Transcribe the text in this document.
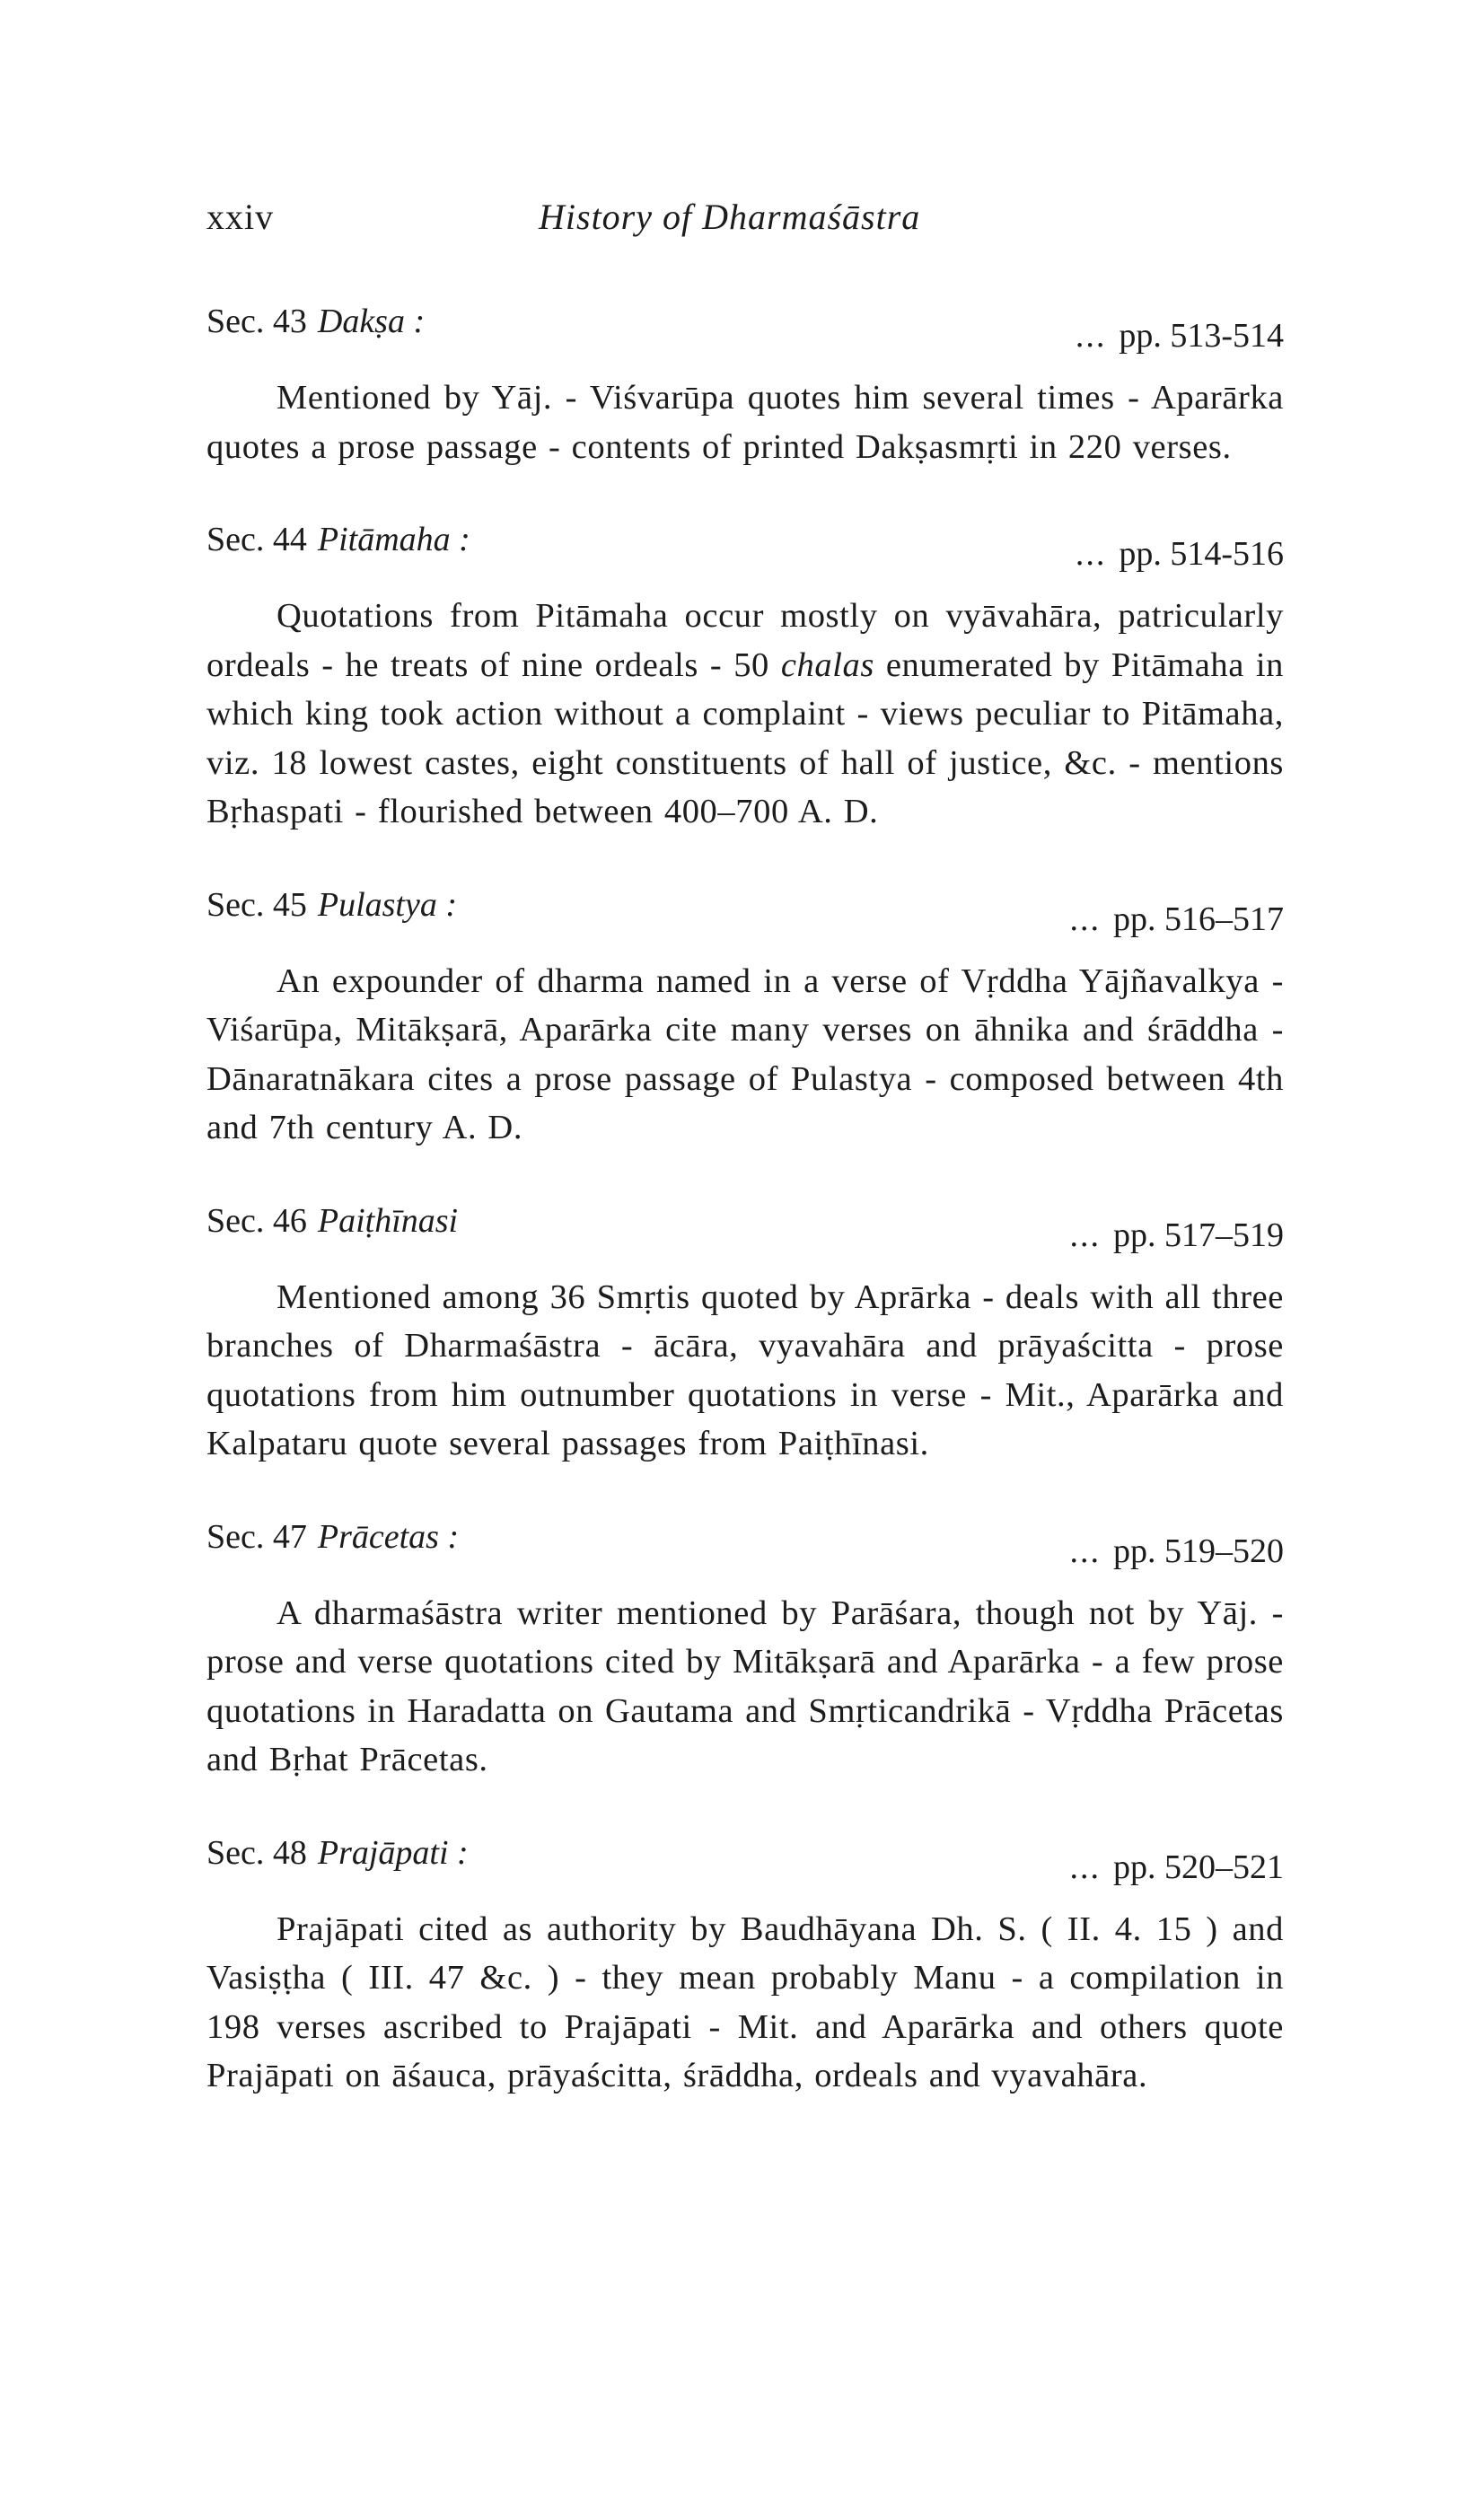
xxiv	History of Dharmaśāstra
Sec. 43 Dakṣa :	... pp. 513-514

Mentioned by Yāj. - Viśvarūpa quotes him several times - Aparārka quotes a prose passage - contents of printed Dakṣasmṛti in 220 verses.

Sec. 44 Pitāmaha :	... pp. 514-516

Quotations from Pitāmaha occur mostly on vyāvahāra, patricularly ordeals - he treats of nine ordeals - 50 chalas enumerated by Pitāmaha in which king took action without a complaint - views peculiar to Pitāmaha, viz. 18 lowest castes, eight constituents of hall of justice, &c. - mentions Bṛhaspati - flourished between 400–700 A. D.

Sec. 45 Pulastya :	... pp. 516–517

An expounder of dharma named in a verse of Vṛddha Yājñavalkya - Viśarūpa, Mitākṣarā, Aparārka cite many verses on āhnika and śrāddha - Dānaratnākara cites a prose passage of Pulastya - composed between 4th and 7th century A. D.

Sec. 46 Paiṭhīnasi	... pp. 517–519

Mentioned among 36 Smṛtis quoted by Aprārka - deals with all three branches of Dharmaśāstra - ācāra, vyavahāra and prāyaścitta - prose quotations from him outnumber quotations in verse - Mit., Aparārka and Kalpataru quote several passages from Paiṭhīnasi.

Sec. 47 Prācetas :	... pp. 519–520

A dharmaśāstra writer mentioned by Parāśara, though not by Yāj. - prose and verse quotations cited by Mitākṣarā and Aparārka - a few prose quotations in Haradatta on Gautama and Smṛticandrikā - Vṛddha Prācetas and Bṛhat Prācetas.

Sec. 48 Prajāpati :	... pp. 520–521

Prajāpati cited as authority by Baudhāyana Dh. S. ( II. 4. 15 ) and Vasiṣṭha ( III. 47 &c. ) - they mean probably Manu - a compilation in 198 verses ascribed to Prajāpati - Mit. and Aparārka and others quote Prajāpati on āśauca, prāyaścitta, śrāddha, ordeals and vyavahāra.
